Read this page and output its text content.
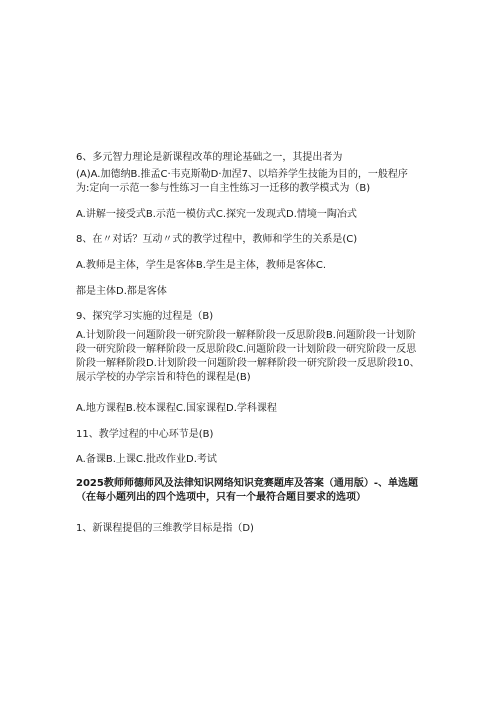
6、多元智力理论是新课程改革的理论基础之一，其提出者为

(A)A.加德纳B.推孟C·韦克斯勒D·加涅7、以培养学生技能为目的，一般程序为:定向一示范一参与性练习一自主性练习一迁移的教学模式为（B)

A.讲解一接受式B.示范一模仿式C.探究一发现式D.情境一陶冶式

8、在〃对话？互动〃式的教学过程中，教师和学生的关系是(C)

A.教师是主体，学生是客体B.学生是主体，教师是客体C.

都是主体D.都是客体

9、探究学习实施的过程是（B)

A.计划阶段一问题阶段一研究阶段一解释阶段一反思阶段B.问题阶段一计划阶段一研究阶段一解释阶段一反思阶段C.问题阶段一计划阶段一研究阶段一反思阶段一解释阶段D.计划阶段一问题阶段一解释阶段一研究阶段一反思阶段10、展示学校的办学宗旨和特色的课程是(B)

A.地方课程B.校本课程C.国家课程D.学科课程

11、教学过程的中心环节是(B)

A.备课B.上课C.批改作业D.考试

2025教师师德师风及法律知识网络知识竞赛题库及答案（通用版）-、单选题（在每小题列出的四个选项中，只有一个最符合题目要求的选项）

1、新课程提倡的三维教学目标是指（D)
